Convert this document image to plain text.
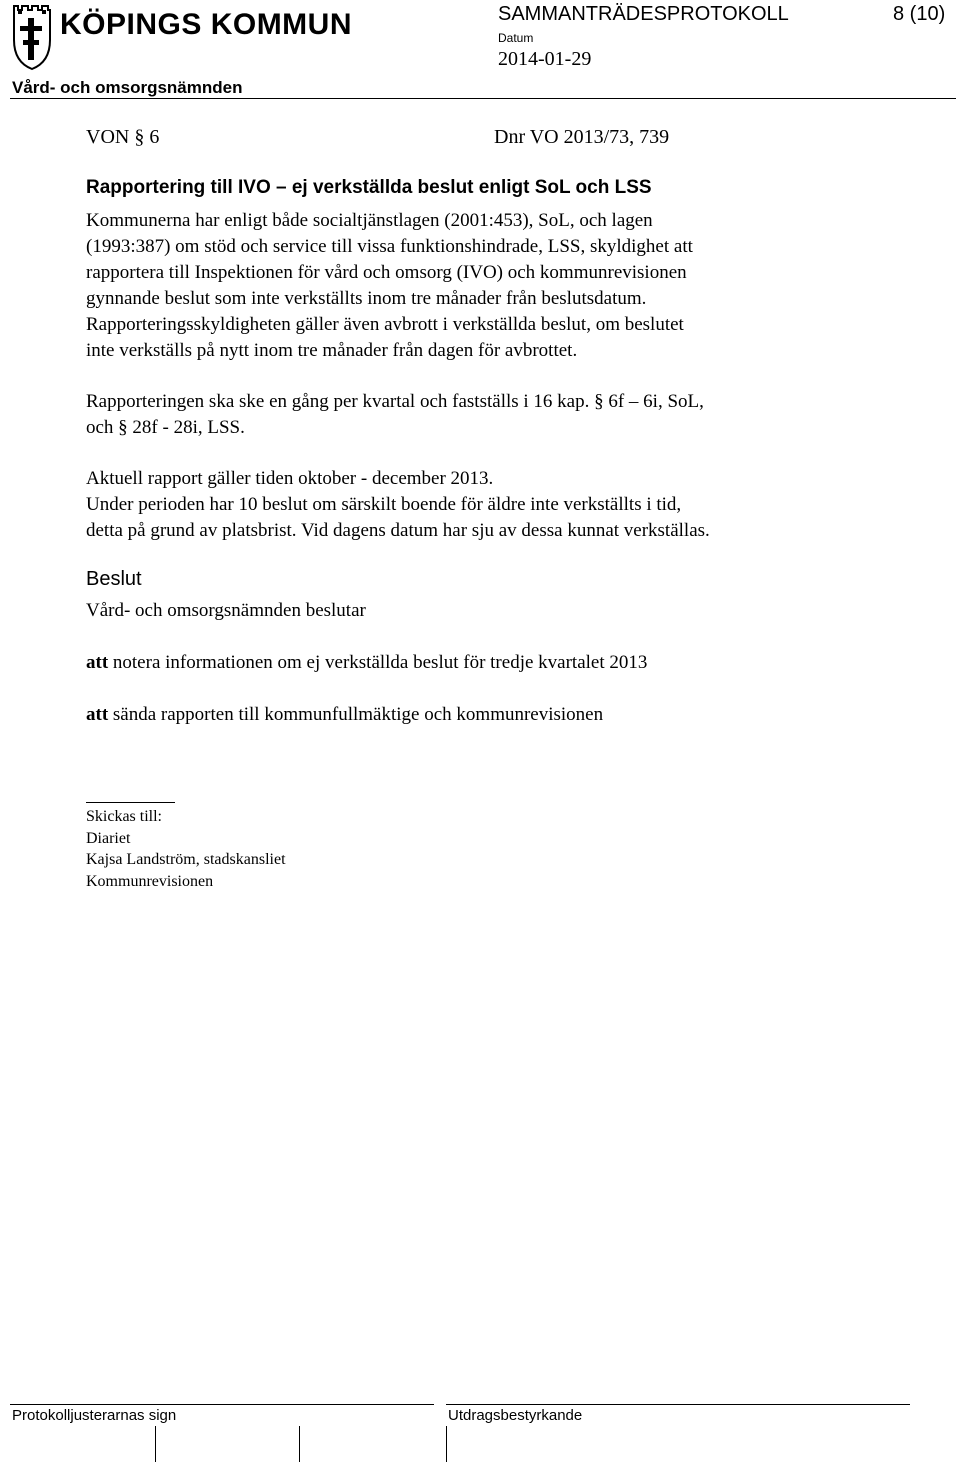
KÖPINGS KOMMUN	SAMMANTRÄDESPROTOKOLL	8 (10)
Datum
2014-01-29
Vård- och omsorgsnämnden
VON § 6	Dnr VO 2013/73, 739
Rapportering till IVO – ej verkställda beslut enligt SoL och LSS
Kommunerna har enligt både socialtjänstlagen (2001:453), SoL, och lagen
(1993:387) om stöd och service till vissa funktionshindrade, LSS, skyldighet att
rapportera till Inspektionen för vård och omsorg (IVO) och kommunrevisionen
gynnande beslut som inte verkställts inom tre månader från beslutsdatum.
Rapporteringsskyldigheten gäller även avbrott i verkställda beslut, om beslutet
inte verkställs på nytt inom tre månader från dagen för avbrottet.
Rapporteringen ska ske en gång per kvartal och fastställs i 16 kap. § 6f – 6i, SoL,
och § 28f - 28i, LSS.
Aktuell rapport gäller tiden oktober - december 2013.
Under perioden har 10 beslut om särskilt boende för äldre inte verkställts i tid,
detta på grund av platsbrist. Vid dagens datum har sju av dessa kunnat verkställas.
Beslut
Vård- och omsorgsnämnden beslutar
att notera informationen om ej verkställda beslut för tredje kvartalet 2013
att sända rapporten till kommunfullmäktige och kommunrevisionen
Skickas till:
Diariet
Kajsa Landström, stadskansliet
Kommunrevisionen
Protokolljusterarnas sign	Utdragsbestyrkande
